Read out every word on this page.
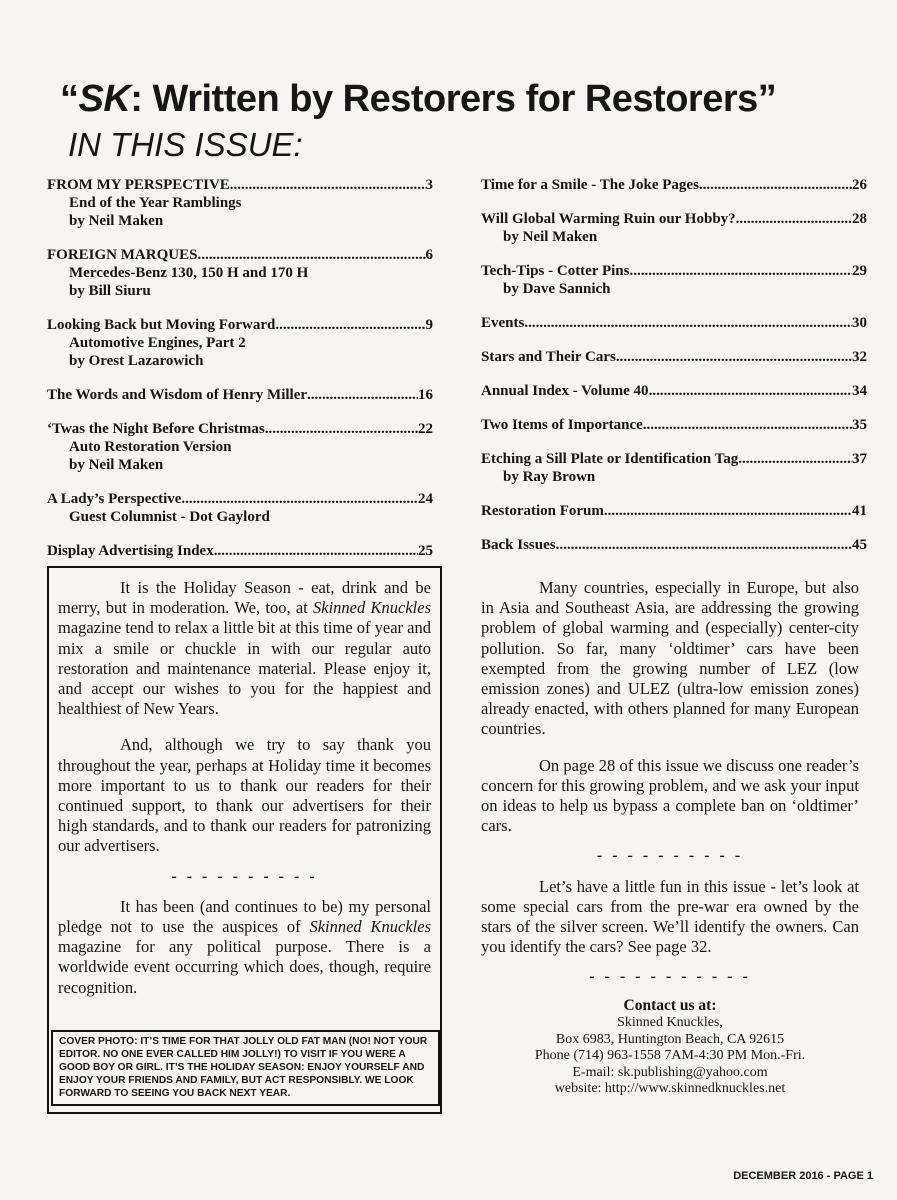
“SK: Written by Restorers for Restorers”
IN THIS ISSUE:
FROM MY PERSPECTIVE .....	3
End of the Year Ramblings
by Neil Maken
FOREIGN MARQUES .....	6
Mercedes-Benz 130, 150 H and 170 H
by Bill Siuru
Looking Back but Moving Forward .....	9
Automotive Engines, Part 2
by Orest Lazarowich
The Words and Wisdom of Henry Miller .....	16
‘Twas the Night Before Christmas .....	22
Auto Restoration Version
by Neil Maken
A Lady’s Perspective .....	24
Guest Columnist - Dot Gaylord
Display Advertising Index .....	25
Time for a Smile - The Joke Pages .....	26
Will Global Warming Ruin our Hobby? .....	28
by Neil Maken
Tech-Tips - Cotter Pins .....	29
by Dave Sannich
Events .....	30
Stars and Their Cars .....	32
Annual Index - Volume 40 .....	34
Two Items of Importance .....	35
Etching a Sill Plate or Identification Tag .....	37
by Ray Brown
Restoration Forum .....	41
Back Issues .....	45

It is the Holiday Season - eat, drink and be merry, but in moderation. We, too, at Skinned Knuckles magazine tend to relax a little bit at this time of year and mix a smile or chuckle in with our regular auto restoration and maintenance material. Please enjoy it, and accept our wishes to you for the happiest and healthiest of New Years.

And, although we try to say thank you throughout the year, perhaps at Holiday time it becomes more important to us to thank our readers for their continued support, to thank our advertisers for their high standards, and to thank our readers for patronizing our advertisers.

- - - - - - - - - -

It has been (and continues to be) my personal pledge not to use the auspices of Skinned Knuckles magazine for any political purpose. There is a worldwide event occurring which does, though, require recognition.

COVER PHOTO: IT’S TIME FOR THAT JOLLY OLD FAT MAN (NO! NOT YOUR EDITOR. NO ONE EVER CALLED HIM JOLLY!) TO VISIT IF YOU WERE A GOOD BOY OR GIRL. IT’S THE HOLIDAY SEASON: ENJOY YOURSELF AND ENJOY YOUR FRIENDS AND FAMILY, BUT ACT RESPONSIBLY. WE LOOK FORWARD TO SEEING YOU BACK NEXT YEAR.

Many countries, especially in Europe, but also in Asia and Southeast Asia, are addressing the growing problem of global warming and (especially) center-city pollution. So far, many ‘oldtimer’ cars have been exempted from the growing number of LEZ (low emission zones) and ULEZ (ultra-low emission zones) already enacted, with others planned for many European countries.

On page 28 of this issue we discuss one reader’s concern for this growing problem, and we ask your input on ideas to help us bypass a complete ban on ‘oldtimer’ cars.

- - - - - - - - - -

Let’s have a little fun in this issue - let’s look at some special cars from the pre-war era owned by the stars of the silver screen. We’ll identify the owners. Can you identify the cars? See page 32.

- - - - - - - - - - -
Contact us at:
Skinned Knuckles,
Box 6983, Huntington Beach, CA 92615
Phone (714) 963-1558 7AM-4:30 PM Mon.-Fri.
E-mail: sk.publishing@yahoo.com
website: http://www.skinnedknuckles.net
DECEMBER 2016 - PAGE 1
